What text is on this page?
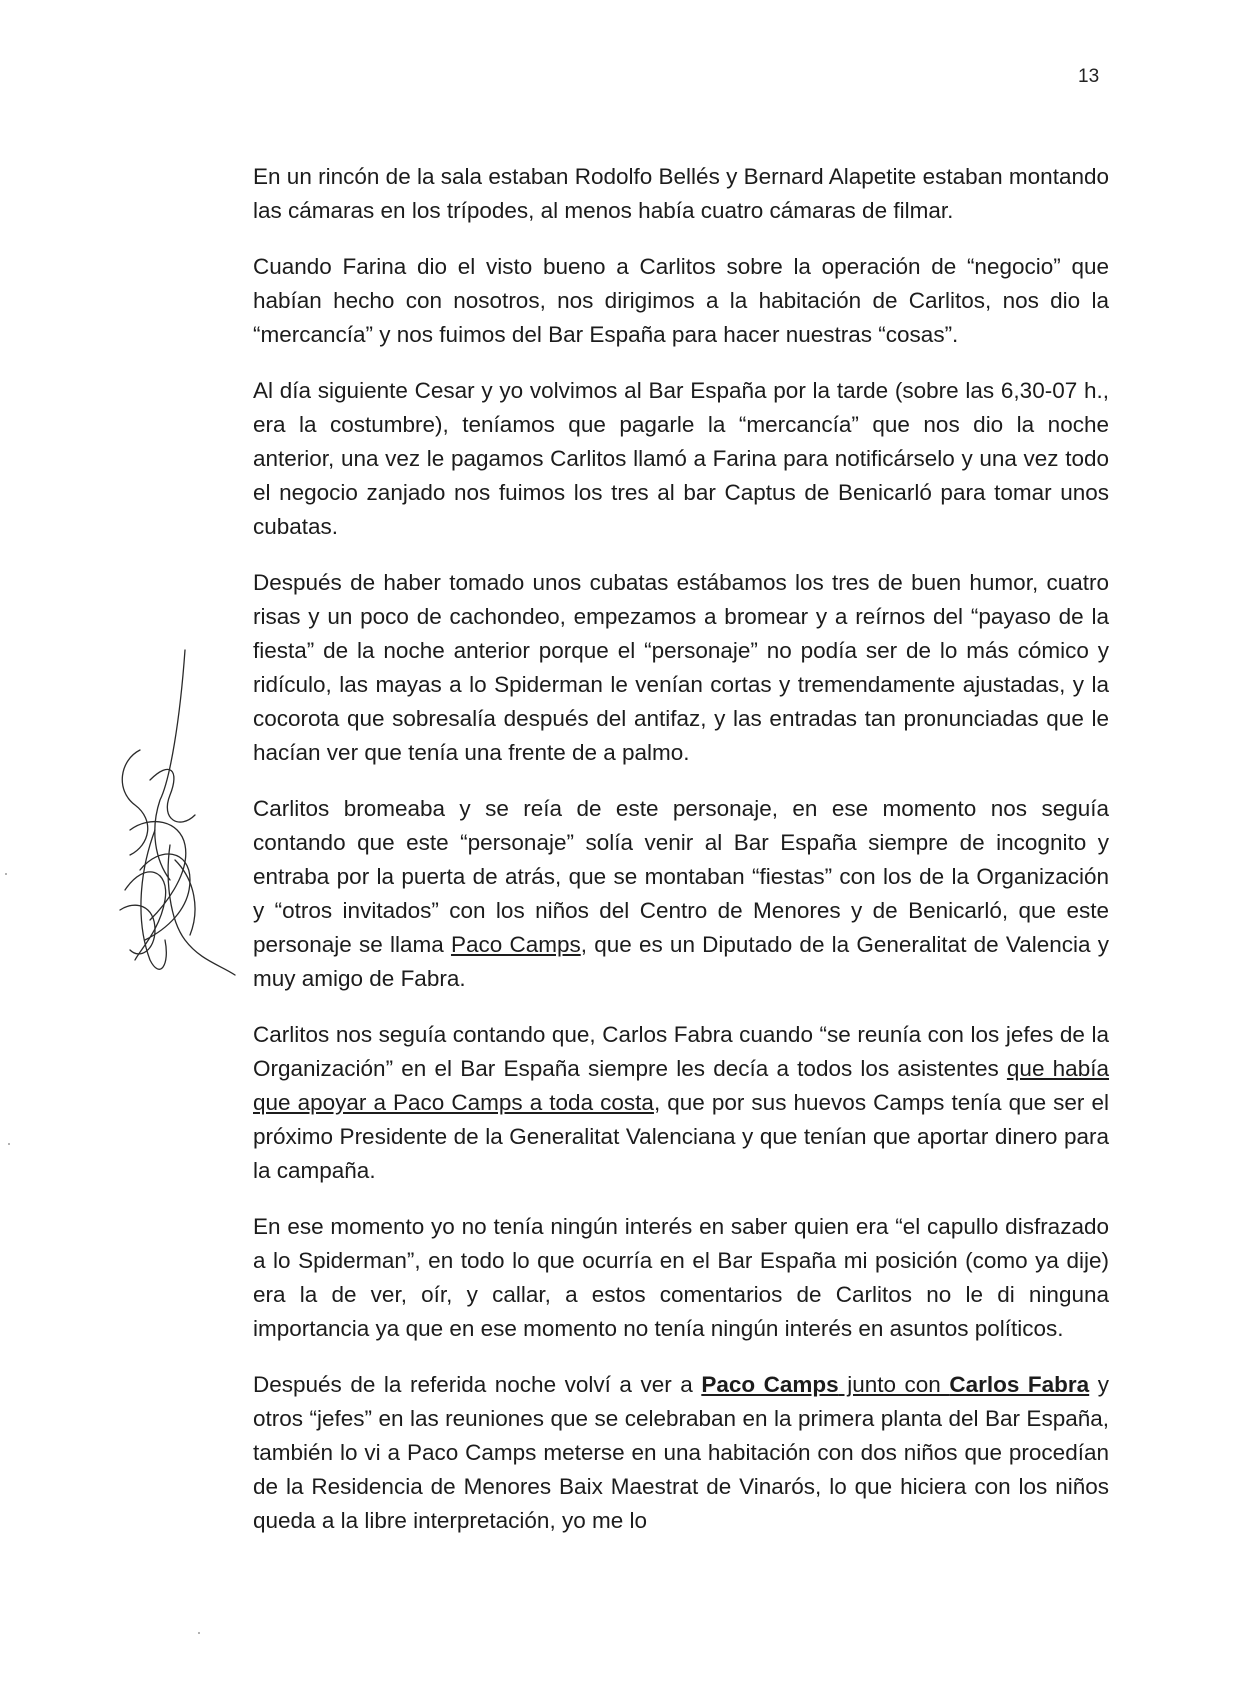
13

En un rincón de la sala estaban Rodolfo Bellés y Bernard Alapetite estaban montando las cámaras en los trípodes, al menos había cuatro cámaras de filmar.

Cuando Farina dio el visto bueno a Carlitos sobre la operación de “negocio” que habían hecho con nosotros, nos dirigimos a la habitación de Carlitos, nos dio la “mercancía” y nos fuimos del Bar España para hacer nuestras “cosas”.

Al día siguiente Cesar y yo volvimos al Bar España por la tarde (sobre las 6,30-07 h., era la costumbre), teníamos que pagarle la “mercancía” que nos dio la noche anterior, una vez le pagamos Carlitos llamó a Farina para notificárselo y una vez todo el negocio zanjado nos fuimos los tres al bar Captus de Benicarló para tomar unos cubatas.

Después de haber tomado unos cubatas estábamos los tres de buen humor, cuatro risas y un poco de cachondeo, empezamos a bromear y a reírnos del “payaso de la fiesta” de la noche anterior porque el “personaje” no podía ser de lo más cómico y ridículo, las mayas a lo Spiderman le venían cortas y tremendamente ajustadas, y la cocorota que sobresalía después del antifaz, y las entradas tan pronunciadas que le hacían ver que tenía una frente de a palmo.

Carlitos bromeaba y se reía de este personaje, en ese momento nos seguía contando que este “personaje” solía venir al Bar España siempre de incognito y entraba por la puerta de atrás, que se montaban “fiestas” con los de la Organización y “otros invitados” con los niños del Centro de Menores y de Benicarló, que este personaje se llama Paco Camps, que es un Diputado de la Generalitat de Valencia y muy amigo de Fabra.

Carlitos nos seguía contando que, Carlos Fabra cuando “se reunía con los jefes de la Organización” en el Bar España siempre les decía a todos los asistentes que había que apoyar a Paco Camps a toda costa, que por sus huevos Camps tenía que ser el próximo Presidente de la Generalitat Valenciana y que tenían que aportar dinero para la campaña.

En ese momento yo no tenía ningún interés en saber quien era “el capullo disfrazado a lo Spiderman”, en todo lo que ocurría en el Bar España mi posición (como ya dije) era la de ver, oír, y callar, a estos comentarios de Carlitos no le di ninguna importancia ya que en ese momento no tenía ningún interés en asuntos políticos.

Después de la referida noche volví a ver a Paco Camps junto con Carlos Fabra y otros “jefes” en las reuniones que se celebraban en la primera planta del Bar España, también lo vi a Paco Camps meterse en una habitación con dos niños que procedían de la Residencia de Menores Baix Maestrat de Vinarós, lo que hiciera con los niños queda a la libre interpretación, yo me lo
